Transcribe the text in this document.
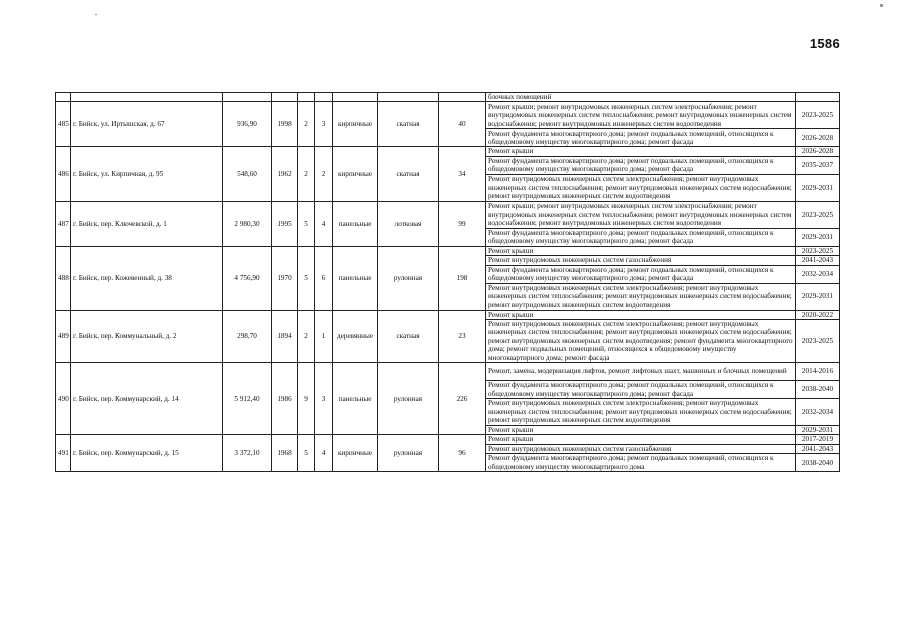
1586
									блочных помещений	
485	г. Бийск, ул. Иртышская, д. 67	936,90	1998	2	3	кирпичные	скатная	40	Ремонт крыши; ремонт внутридомовых инженерных систем электроснабжения; ремонт внутридомовых инженерных систем теплоснабжения; ремонт внутридомовых инженерных систем водоснабжения; ремонт внутридомовых инженерных систем водоотведения	2023-2025
									Ремонт фундамента многоквартирного дома; ремонт подвальных помещений, относящихся к общедомовому имуществу многоквартирного дома; ремонт фасада	2026-2028
486	г. Бийск, ул. Кирпичная, д. 95	548,60	1962	2	2	кирпичные	скатная	34	Ремонт крыши	2026-2028
									Ремонт фундамента многоквартирного дома; ремонт подвальных помещений, относящихся к общедомовому имуществу многоквартирного дома; ремонт фасада	2035-2037
									Ремонт внутридомовых инженерных систем электроснабжения; ремонт внутридомовых инженерных систем теплоснабжения; ремонт внутридомовых инженерных систем водоснабжения; ремонт внутридомовых инженерных систем водоотведения	2029-2031
487	г. Бийск, пер. Ключевской, д. 1	2 980,30	1995	5	4	панельные	лотковая	99	Ремонт крыши; ремонт внутридомовых инженерных систем электроснабжения; ремонт внутридомовых инженерных систем теплоснабжения; ремонт внутридомовых инженерных систем водоснабжения; ремонт внутридомовых инженерных систем водоотведения	2023-2025
									Ремонт фундамента многоквартирного дома; ремонт подвальных помещений, относящихся к общедомовому имуществу многоквартирного дома; ремонт фасада	2029-2031
488	г. Бийск, пер. Кожевенный, д. 38	4 756,90	1970	5	6	панельные	рулонная	198	Ремонт крыши	2023-2025
									Ремонт внутридомовых инженерных систем газоснабжения	2041-2043
									Ремонт фундамента многоквартирного дома; ремонт подвальных помещений, относящихся к общедомовому имуществу многоквартирного дома; ремонт фасада	2032-2034
									Ремонт внутридомовых инженерных систем электроснабжения; ремонт внутридомовых инженерных систем теплоснабжения; ремонт внутридомовых инженерных систем водоснабжения; ремонт внутридомовых инженерных систем водоотведения	2029-2031
489	г. Бийск, пер. Коммунальный, д. 2	298,70	1894	2	1	деревянные	скатная	23	Ремонт крыши	2020-2022
									Ремонт внутридомовых инженерных систем электроснабжения; ремонт внутридомовых инженерных систем теплоснабжения; ремонт внутридомовых инженерных систем водоснабжения; ремонт внутридомовых инженерных систем водоотведения; ремонт фундамента многоквартирного дома; ремонт подвальных помещений, относящихся к общедомовому имуществу многоквартирного дома; ремонт фасада	2023-2025
490	г. Бийск, пер. Коммунарский, д. 14	5 912,40	1986	9	3	панельные	рулонная	226	Ремонт, замена, модернизация лифтов, ремонт лифтовых шахт, машинных и блочных помещений	2014-2016
									Ремонт фундамента многоквартирного дома; ремонт подвальных помещений, относящихся к общедомовому имуществу многоквартирного дома; ремонт фасада	2038-2040
									Ремонт внутридомовых инженерных систем электроснабжения; ремонт внутридомовых инженерных систем теплоснабжения; ремонт внутридомовых инженерных систем водоснабжения; ремонт внутридомовых инженерных систем водоотведения	2032-2034
									Ремонт крыши	2029-2031
491	г. Бийск, пер. Коммунарский, д. 15	3 372,10	1968	5	4	кирпичные	рулонная	96	Ремонт крыши	2017-2019
									Ремонт внутридомовых инженерных систем газоснабжения	2041-2043
									Ремонт фундамента многоквартирного дома; ремонт подвальных помещений, относящихся к общедомовому имуществу многоквартирного дома	2038-2040
